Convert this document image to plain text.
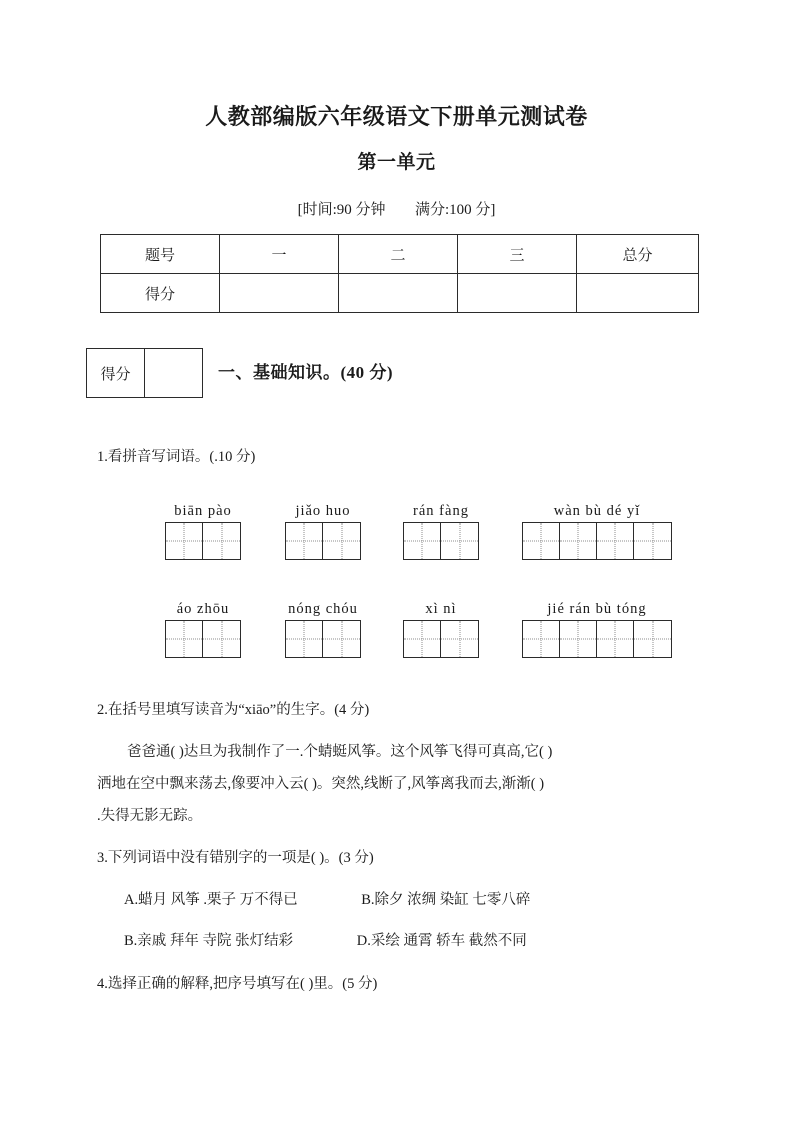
人教部编版六年级语文下册单元测试卷
第一单元
[时间:90 分钟 满分:100 分]
题号	一	二	三	总分
得分				
得分		一、基础知识。(40 分)
1.看拼音写词语。(.10 分)
biān pào	jiǎo huo	rán fàng	wàn bù dé yǐ
áo zhōu	nóng chóu	xì nì	jié rán bù tóng
2.在括号里填写读音为“xiāo”的生字。(4 分)
爸爸通( )达旦为我制作了一.个蜻蜓风筝。这个风筝飞得可真高,它( )
洒地在空中飘来荡去,像要冲入云( )。突然,线断了,风筝离我而去,渐渐( )
.失得无影无踪。
3.下列词语中没有错别字的一项是( )。(3 分)
A.蜡月 风筝 .栗子 万不得已	B.除夕 浓绸 染缸 七零八碎
B.亲戚 拜年 寺院 张灯结彩	D.采绘 通霄 轿车 截然不同
4.选择正确的解释,把序号填写在( )里。(5 分)
